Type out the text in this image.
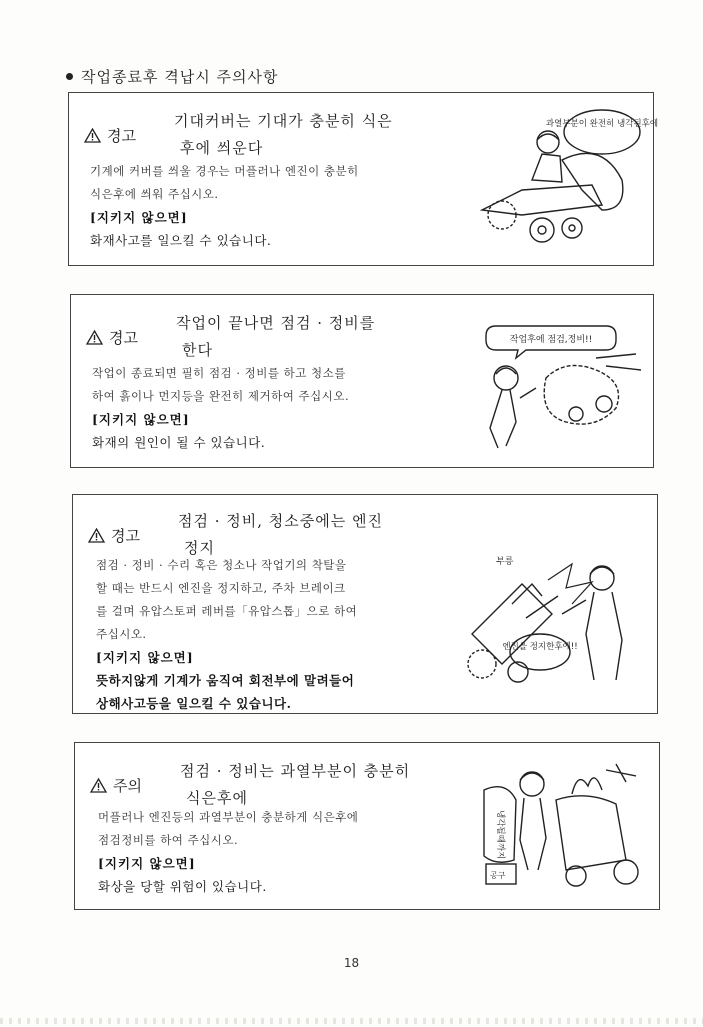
작업종료후 격납시 주의사항
경고
기대커버는 기대가 충분히 식은
후에 씌운다
기계에 커버를 씌울 경우는 머플러나 엔진이 충분히
식은후에 씌워 주십시오.
[지키지 않으면]
화재사고를 일으킬 수 있습니다.
과열부분이 완전히 냉각된후에
경고
작업이 끝나면 점검 · 정비를
한다
작업이 종료되면 필히 점검 · 정비를 하고 청소를
하여 흙이나 먼지등을 완전히 제거하여 주십시오.
[지키지 않으면]
화재의 원인이 될 수 있습니다.
작업후에 점검,정비!!
경고
점검 · 정비, 청소중에는 엔진
정지
점검 · 정비 · 수리 혹은 청소나 작업기의 착탈을
할 때는 반드시 엔진을 정지하고, 주차 브레이크
를 걸며 유압스토퍼 레버를「유압스톱」으로 하여
주십시오.
[지키지 않으면]
뜻하지않게 기계가 움직여 회전부에 말려들어
상해사고등을 일으킬 수 있습니다.
엔진을 정지한후에!!
부릉
주의
점검 · 정비는 과열부분이 충분히
식은후에
머플러나 엔진등의 과열부분이 충분하게 식은후에
점검정비를 하여 주십시오.
[지키지 않으면]
화상을 당할 위험이 있습니다.
냉각될때까지
공구
18
